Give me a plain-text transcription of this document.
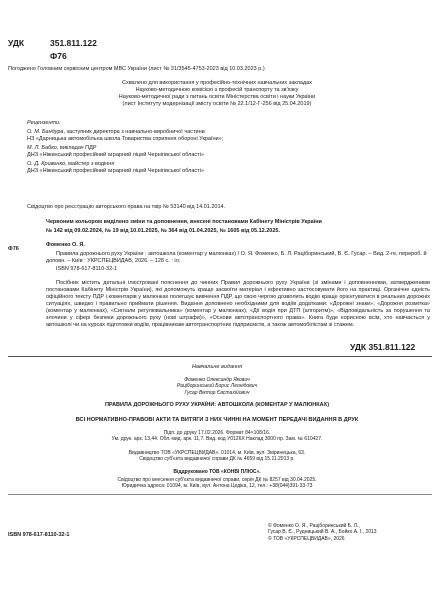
УДК	351.811.122
Ф76
Погоджено Головним сервісним центром МВС України (лист № 31/3545-4753-2023 від 10.03.2023 р.)
Схвалено для використання у професійно-технічних навчальних закладах
Науково-методичною комісією з професій транспорту та зв'язку
Науково-методичної ради з питань освіти Міністерства освіти і науки України
(лист Інституту модернізації змісту освіти № 22.1/12-Г-256 від 25.04.2019)
Рецензенти:
О. М. Бандура, заступник директора з навчально-виробничої частини
НЗ «Дарницька автомобільна школа Товариства сприяння обороні України»;
М. Л. Бабко, викладач ПДР
ДНЗ «Ніжинський професійний аграрний ліцей Чернігівської області»
О. Д. Кривенко, майстер з водіння
ДНЗ «Ніжинський професійний аграрний ліцей Чернігівської області»
Свідоцтво про реєстрацію авторського права на твір № 53140 від 14.01.2014.
Червоним кольором виділено зміни та доповнення, внесені постановами Кабінету Міністрів України
№ 142 від 09.02.2024, № 19 від 10.01.2025, № 364 від 01.04.2025, № 1605 від 05.12.2025.
Ф76
Фоменко О. Я.
Правила дорожнього руху України : автошкола (коментар у малюнках) / О. Я. Фоменко, Б. Л. Раціборинський, В. Є. Гусар. – Вид. 2-ге, перероб. й доповн. – Київ : УКРСПЕЦВИДАВ, 2026. – 128 с. : іл.
ISBN 978-617-8110-32-1
Посібник містить детальні ілюстровані пояснення до чинних Правил дорожнього руху України (зі змінами і доповненнями, затвердженими постановами Кабінету Міністрів України), які допоможуть краще засвоїти матеріал і ефективно застосовувати його на практиці. Органічне єдність офіційного тексту ПДР і коментарів у малюнках полегшує вивчення ПДР, що свою чергою дозволить водію краще орієнтуватися в реальних дорожніх ситуаціях, швидко і правильно приймати рішення. Видання доповнено необхідними для водіїв додатками: «Дорожні знаки», «Дорожня розмітка» (коментар у малюнках), «Сигнали регулювальника» (коментар у малюнках), «Дії водія при ДТП (алгоритм)», «Відповідальність за порушення та злочини у сфері безпеки дорожнього руху (нові штрафи)», «Основи автотранспортного права». Книга буде корисною всім, хто навчається у автошколі чи на курсах підготовки водіїв, працівникам автотранспортних підприємств, а також автомобілістам зі стажем.
УДК 351.811.122
Навчальне видання
Фоменко Олександр Якович
Раціборинський Борис Леонідович
Гусар Віктор Євстахійович
ПРАВИЛА ДОРОЖНЬОГО РУХУ УКРАЇНИ: АВТОШКОЛА (КОМЕНТАР У МАЛЮНКАХ)
ВСІ НОРМАТИВНО-ПРАВОВІ АКТИ ТА ВИТЯГИ З НИХ ЧИННІ НА МОМЕНТ ПЕРЕДАЧІ ВИДАННЯ В ДРУК
Підп. до друку 17.02.2026. Формат 84×108/16.
Ум. друк. арк. 13,44. Обл.-вид. арк. 11,7. Вид. код У0126Х Наклад 3000 пр. Зам. № 610427.
Видавництво ТОВ «УКРСПЕЦВИДАВ», 01014, м. Київ, вул. Звіринецька, 63.
Свідоцтво суб'єкта видавничої справи ДК № 4659 від 15.11.2013 р.
Віддруковано ТОВ «КОНВІ ПЛЮС».
Свідоцтво про внесення суб'єкта видавничої справи, серія ДК № 8257 від 30.04.2025.
Юридична адреса: 01094, м. Київ, вул. Антона Цедіка, 12, тел.: +38(044)391-33-73
ISBN 978-617-8110-32-1
© Фоменко О. Я., Раціборинський Б. Л.,
Гусар В. Є., Рудницький В. А., Бойко А. І., 2013
© ТОВ «УКРСПЕЦВИДАВ», 2026
